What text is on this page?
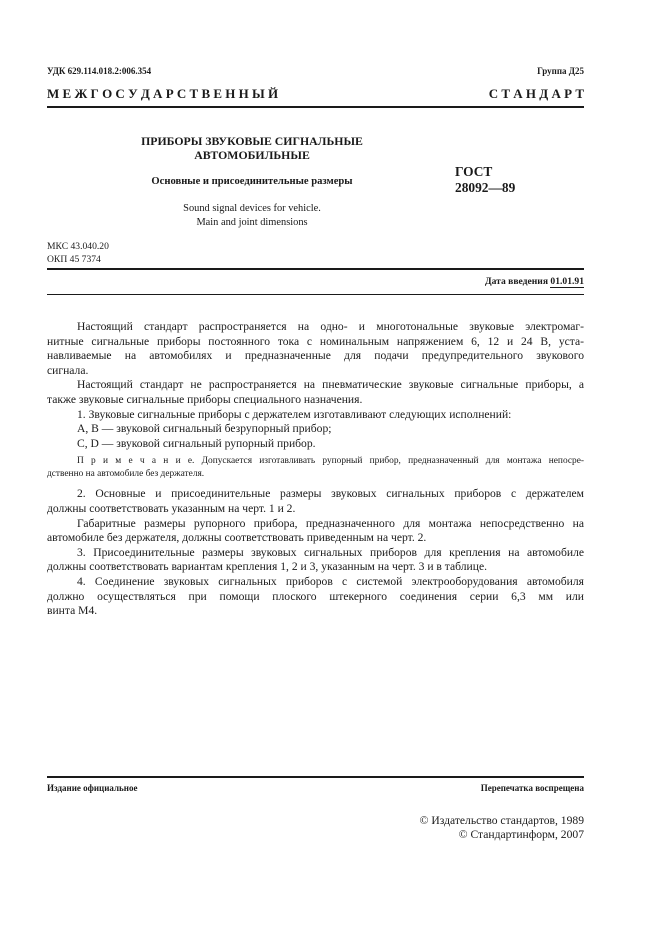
УДК 629.114.018.2:006.354	Группа Д25
М Е Ж Г О С У Д А Р С Т В Е Н Н Ы Й	С Т А Н Д А Р Т
ПРИБОРЫ ЗВУКОВЫЕ СИГНАЛЬНЫЕ
АВТОМОБИЛЬНЫЕ
Основные и присоединительные размеры
Sound signal devices for vehicle.
Main and joint dimensions
ГОСТ
28092—89
МКС 43.040.20
ОКП 45 7374
Дата введения 01.01.91
Настоящий стандарт распространяется на одно- и многотональные звуковые электромаг-
нитные сигнальные приборы постоянного тока с номинальным напряжением 6, 12 и 24 В, уста-
навливаемые на автомобилях и предназначенные для подачи предупредительного звукового
сигнала.
Настоящий стандарт не распространяется на пневматические звуковые сигнальные приборы, а
также звуковые сигнальные приборы специального назначения.
1. Звуковые сигнальные приборы с держателем изготавливают следующих исполнений:
А, В — звуковой сигнальный безрупорный прибор;
С, D — звуковой сигнальный рупорный прибор.
П р и м е ч а н и е. Допускается изготавливать рупорный прибор, предназначенный для монтажа непосре-
дственно на автомобиле без держателя.
2. Основные и присоединительные размеры звуковых сигнальных приборов с держателем
должны соответствовать указанным на черт. 1 и 2.
Габаритные размеры рупорного прибора, предназначенного для монтажа непосредственно на
автомобиле без держателя, должны соответствовать приведенным на черт. 2.
3. Присоединительные размеры звуковых сигнальных приборов для крепления на автомобиле
должны соответствовать вариантам крепления 1, 2 и 3, указанным на черт. 3 и в таблице.
4. Соединение звуковых сигнальных приборов с системой электрооборудования автомобиля
должно осуществляться при помощи плоского штекерного соединения серии 6,3 мм или
винта М4.
Издание официальное	Перепечатка воспрещена
© Издательство стандартов, 1989
© Стандартинформ, 2007
